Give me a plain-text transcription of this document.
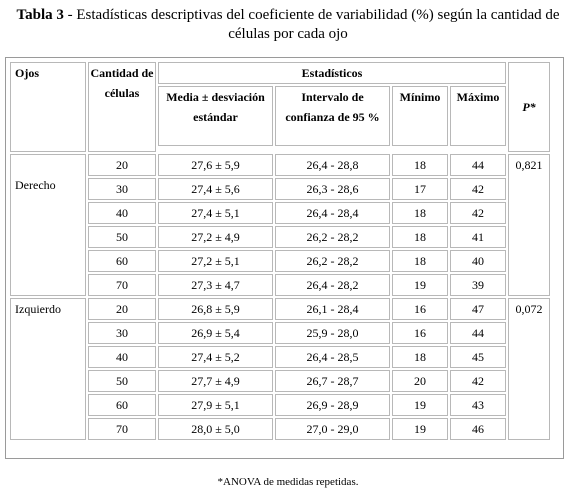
Tabla 3 - Estadísticas descriptivas del coeficiente de variabilidad (%) según la cantidad de células por cada ojo
Ojos	Cantidad de células	Estadísticos				P*
		Media ± desviación estándar	Intervalo de confianza de 95 %	Mínimo	Máximo	

Derecho	20	27,6 ± 5,9	26,4 - 28,8	18	44	0,821
	30	27,4 ± 5,6	26,3 - 28,6	17	42	
	40	27,4 ± 5,1	26,4 - 28,4	18	42	
	50	27,2 ± 4,9	26,2 - 28,2	18	41	
	60	27,2 ± 5,1	26,2 - 28,2	18	40	
	70	27,3 ± 4,7	26,4 - 28,2	19	39	
Izquierdo	20	26,8 ± 5,9	26,1 - 28,4	16	47	0,072
	30	26,9 ± 5,4	25,9 - 28,0	16	44	
	40	27,4 ± 5,2	26,4 - 28,5	18	45	
	50	27,7 ± 4,9	26,7 - 28,7	20	42	
	60	27,9 ± 5,1	26,9 - 28,9	19	43	
	70	28,0 ± 5,0	27,0 - 29,0	19	46	
*ANOVA de medidas repetidas.
